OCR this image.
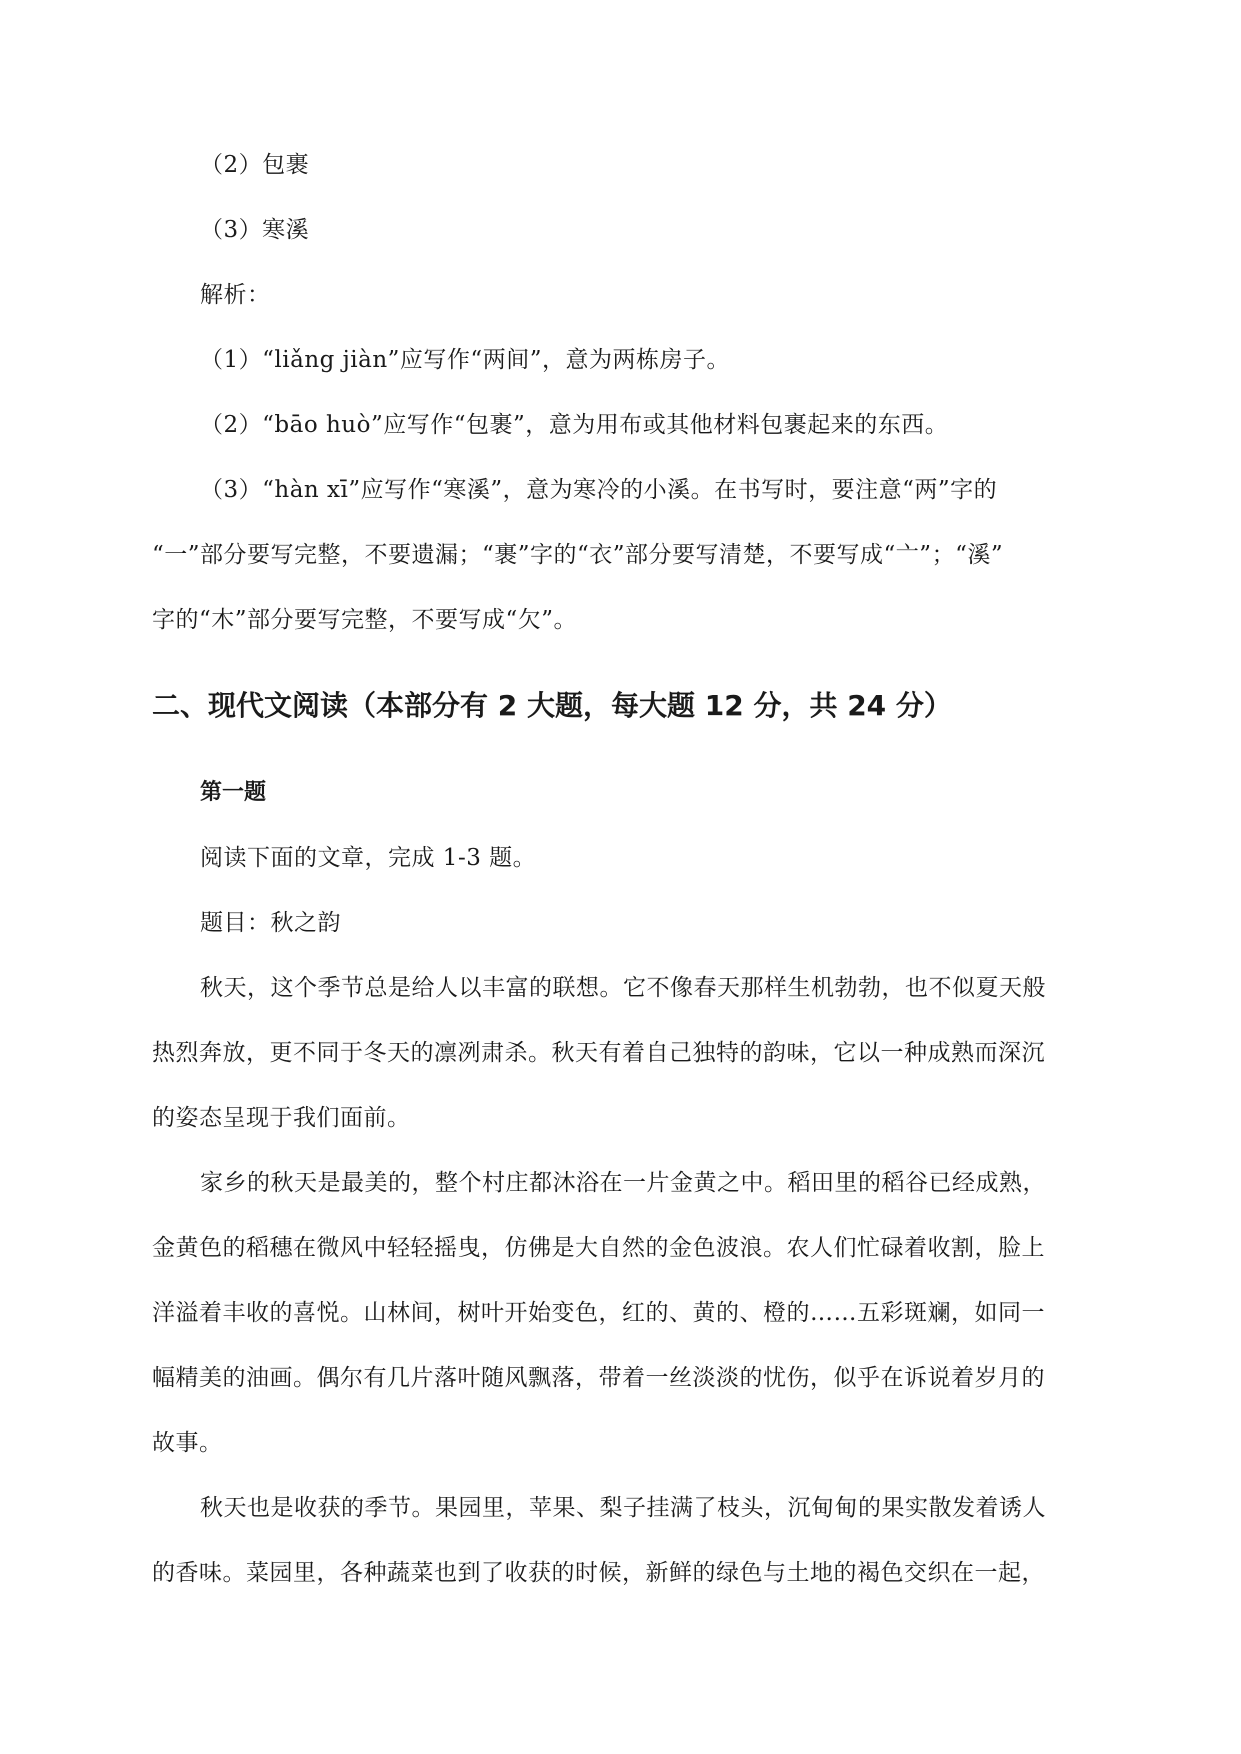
（2）包裹
（3）寒溪
解析：
（1）“liǎng jiàn”应写作“两间”，意为两栋房子。
（2）“bāo huò”应写作“包裹”，意为用布或其他材料包裹起来的东西。
（3）“hàn xī”应写作“寒溪”，意为寒冷的小溪。在书写时，要注意“两”字的
“一”部分要写完整，不要遗漏；“裹”字的“衣”部分要写清楚，不要写成“亠”；“溪”
字的“木”部分要写完整，不要写成“欠”。
二、现代文阅读（本部分有 2 大题，每大题 12 分，共 24 分）
第一题
阅读下面的文章，完成 1-3 题。
题目：秋之韵
秋天，这个季节总是给人以丰富的联想。它不像春天那样生机勃勃，也不似夏天般
热烈奔放，更不同于冬天的凛冽肃杀。秋天有着自己独特的韵味，它以一种成熟而深沉
的姿态呈现于我们面前。
家乡的秋天是最美的，整个村庄都沐浴在一片金黄之中。稻田里的稻谷已经成熟，
金黄色的稻穗在微风中轻轻摇曳，仿佛是大自然的金色波浪。农人们忙碌着收割，脸上
洋溢着丰收的喜悦。山林间，树叶开始变色，红的、黄的、橙的……五彩斑斓，如同一
幅精美的油画。偶尔有几片落叶随风飘落，带着一丝淡淡的忧伤，似乎在诉说着岁月的
故事。
秋天也是收获的季节。果园里，苹果、梨子挂满了枝头，沉甸甸的果实散发着诱人
的香味。菜园里，各种蔬菜也到了收获的时候，新鲜的绿色与土地的褐色交织在一起，
